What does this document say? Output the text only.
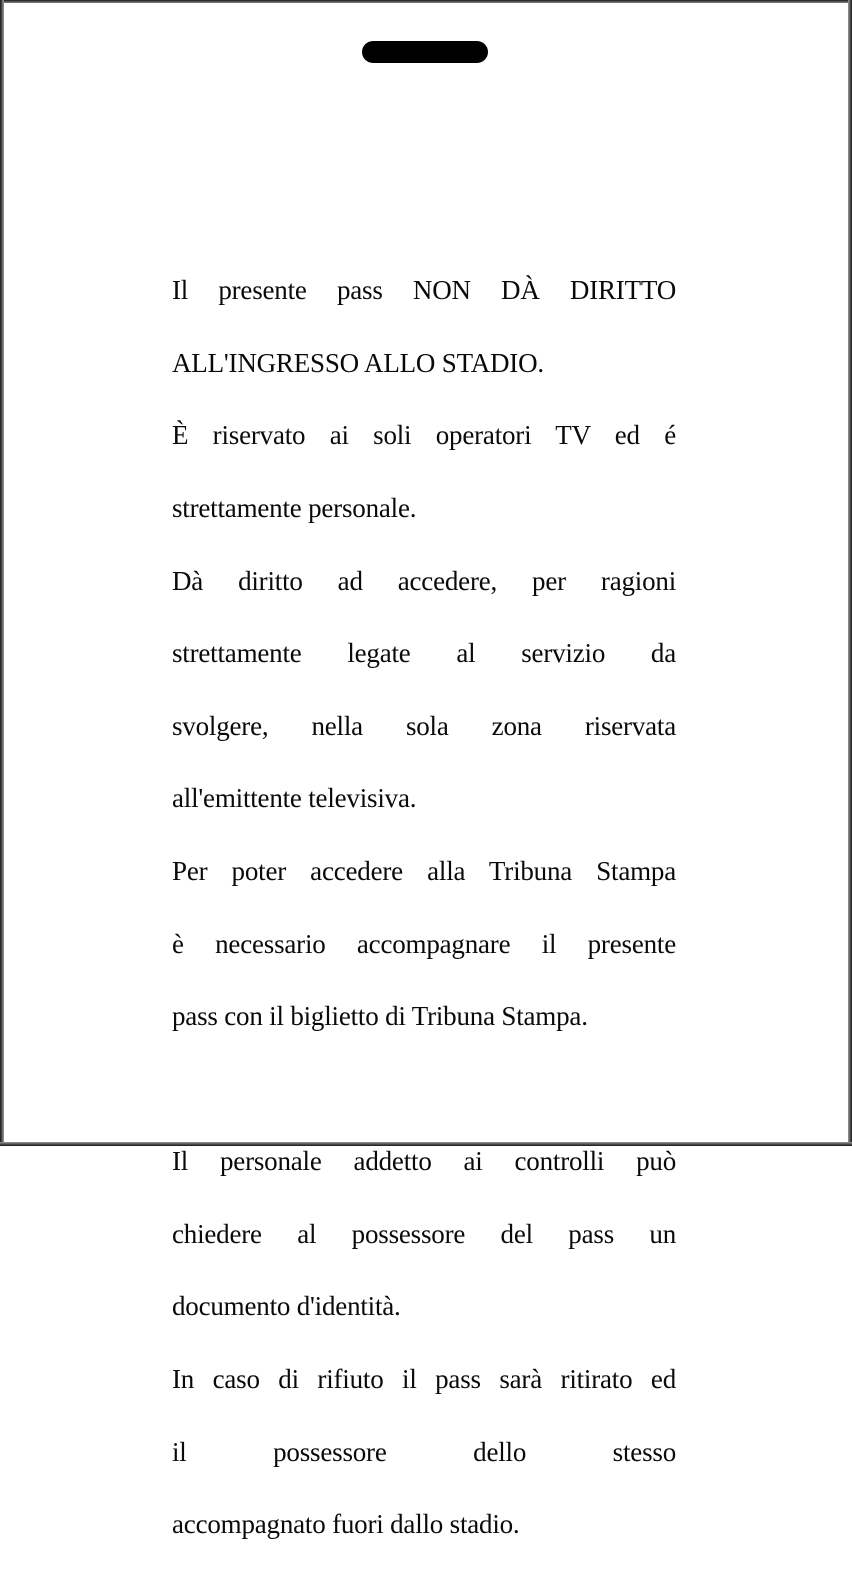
Il presente pass NON DÀ DIRITTO

ALL'INGRESSO ALLO STADIO.

È riservato ai soli operatori TV ed é

strettamente personale.

Dà diritto ad accedere, per ragioni

strettamente legate al servizio da

svolgere, nella sola zona riservata

all'emittente televisiva.

Per poter accedere alla Tribuna Stampa

è necessario accompagnare il presente

pass con il biglietto di Tribuna Stampa.

Il personale addetto ai controlli può

chiedere al possessore del pass un

documento d'identità.

In caso di rifiuto il pass sarà ritirato ed

il possessore dello stesso

accompagnato fuori dallo stadio.
